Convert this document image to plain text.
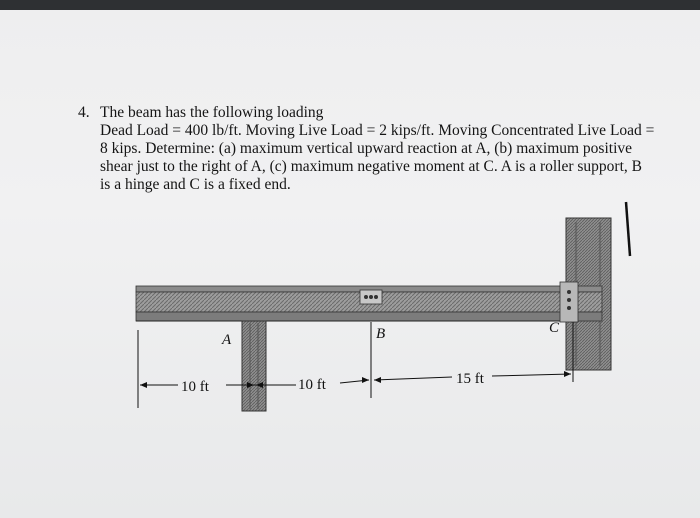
4. The beam has the following loading
Dead Load = 400 lb/ft. Moving Live Load = 2 kips/ft. Moving Concentrated Live Load =
8 kips. Determine: (a) maximum vertical upward reaction at A, (b) maximum positive
shear just to the right of A, (c) maximum negative moment at C. A is a roller support, B
is a hinge and C is a fixed end.
A	B	C
10 ft	10 ft	15 ft
